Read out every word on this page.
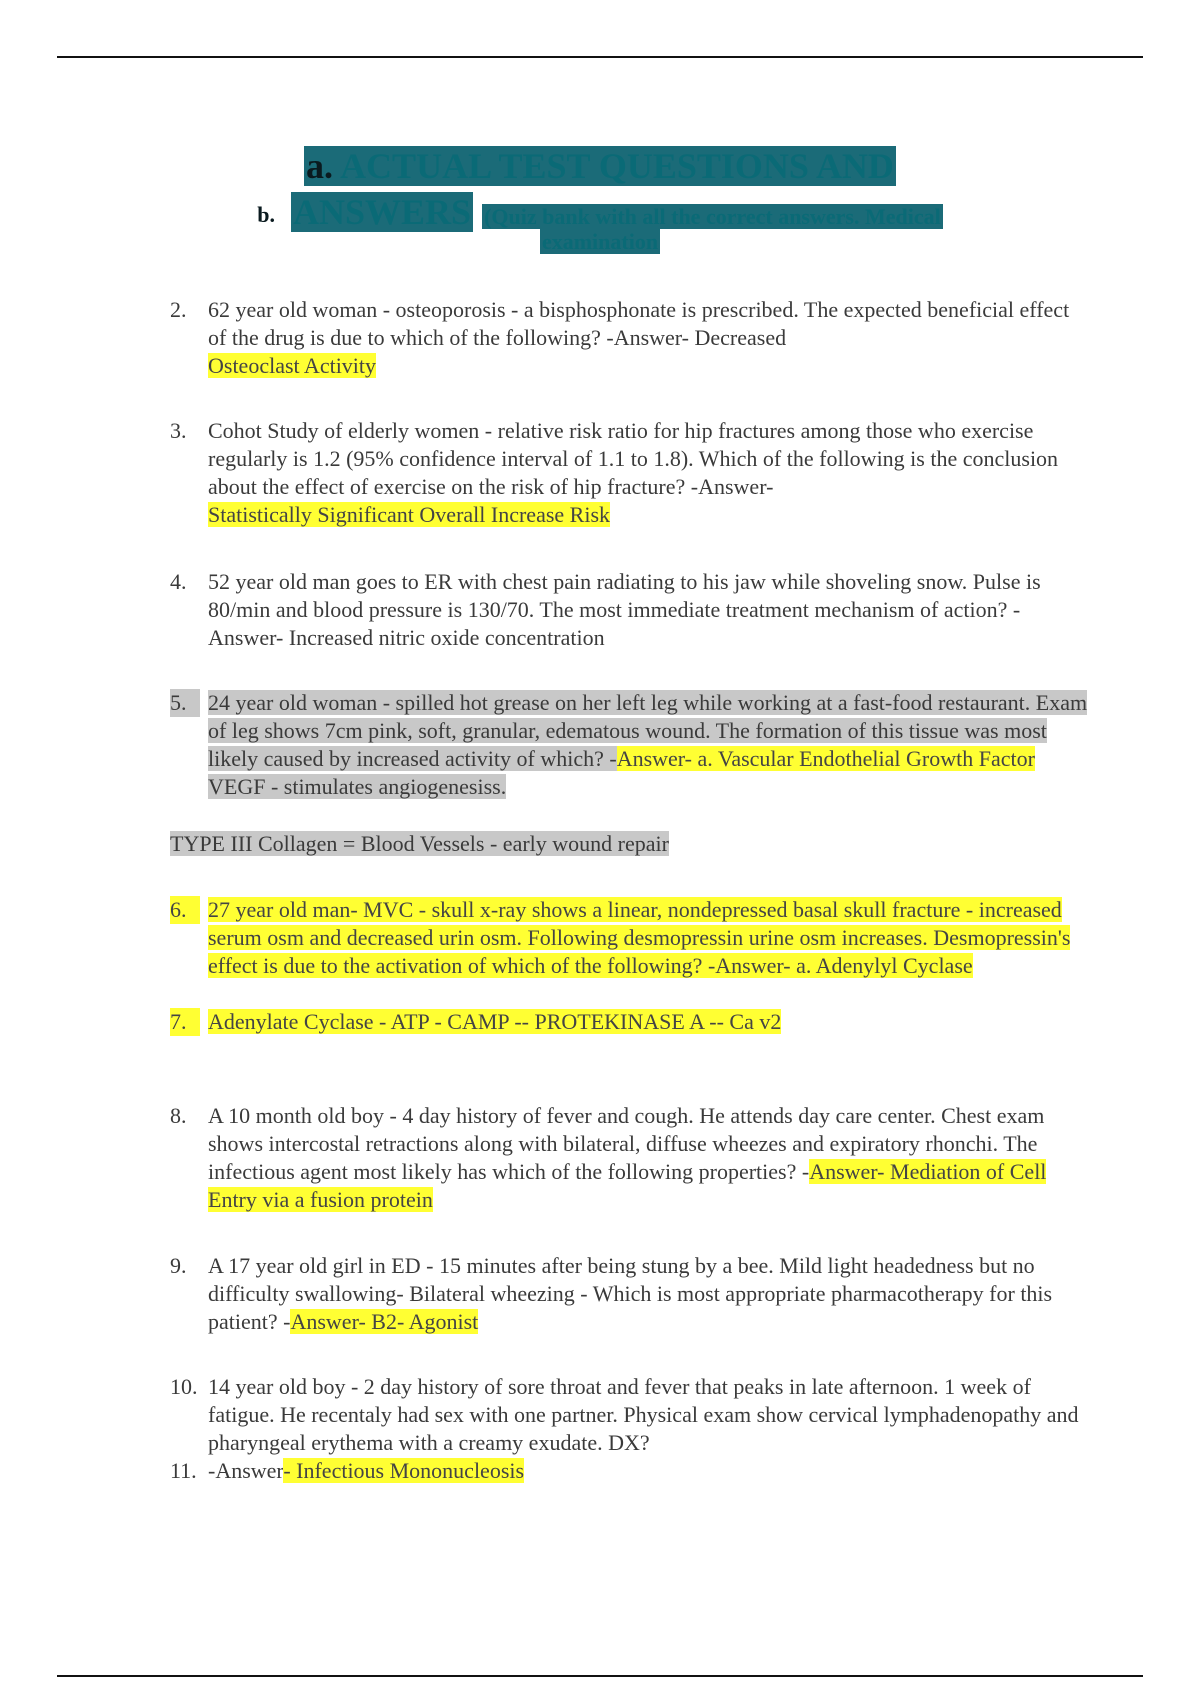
a. ACTUAL TEST QUESTIONS AND
b. ANSWERS (Quiz bank with all the correct answers. Medical
examination
2. 62 year old woman - osteoporosis - a bisphosphonate is prescribed. The expected beneficial effect of the drug is due to which of the following? -Answer- Decreased
Osteoclast Activity
3. Cohot Study of elderly women - relative risk ratio for hip fractures among those who exercise regularly is 1.2 (95% confidence interval of 1.1 to 1.8). Which of the following is the conclusion about the effect of exercise on the risk of hip fracture? -Answer-
Statistically Significant Overall Increase Risk
4. 52 year old man goes to ER with chest pain radiating to his jaw while shoveling snow. Pulse is 80/min and blood pressure is 130/70. The most immediate treatment mechanism of action? -Answer- Increased nitric oxide concentration
5. 24 year old woman - spilled hot grease on her left leg while working at a fast-food restaurant. Exam of leg shows 7cm pink, soft, granular, edematous wound. The formation of this tissue was most likely caused by increased activity of which? -Answer- a. Vascular Endothelial Growth Factor
VEGF - stimulates angiogenesiss.
TYPE III Collagen = Blood Vessels - early wound repair
6. 27 year old man- MVC - skull x-ray shows a linear, nondepressed basal skull fracture - increased serum osm and decreased urin osm. Following desmopressin urine osm increases. Desmopressin's effect is due to the activation of which of the following? -Answer- a. Adenylyl Cyclase
7. Adenylate Cyclase - ATP - CAMP -- PROTEKINASE A -- Ca v2
8. A 10 month old boy - 4 day history of fever and cough. He attends day care center. Chest exam shows intercostal retractions along with bilateral, diffuse wheezes and expiratory rhonchi. The infectious agent most likely has which of the following properties? -Answer- Mediation of Cell Entry via a fusion protein
9. A 17 year old girl in ED - 15 minutes after being stung by a bee. Mild light headedness but no difficulty swallowing- Bilateral wheezing - Which is most appropriate pharmacotherapy for this patient? -Answer- B2- Agonist
10. 14 year old boy - 2 day history of sore throat and fever that peaks in late afternoon. 1 week of fatigue. He recentaly had sex with one partner. Physical exam show cervical lymphadenopathy and pharyngeal erythema with a creamy exudate. DX?
11. -Answer- Infectious Mononucleosis
